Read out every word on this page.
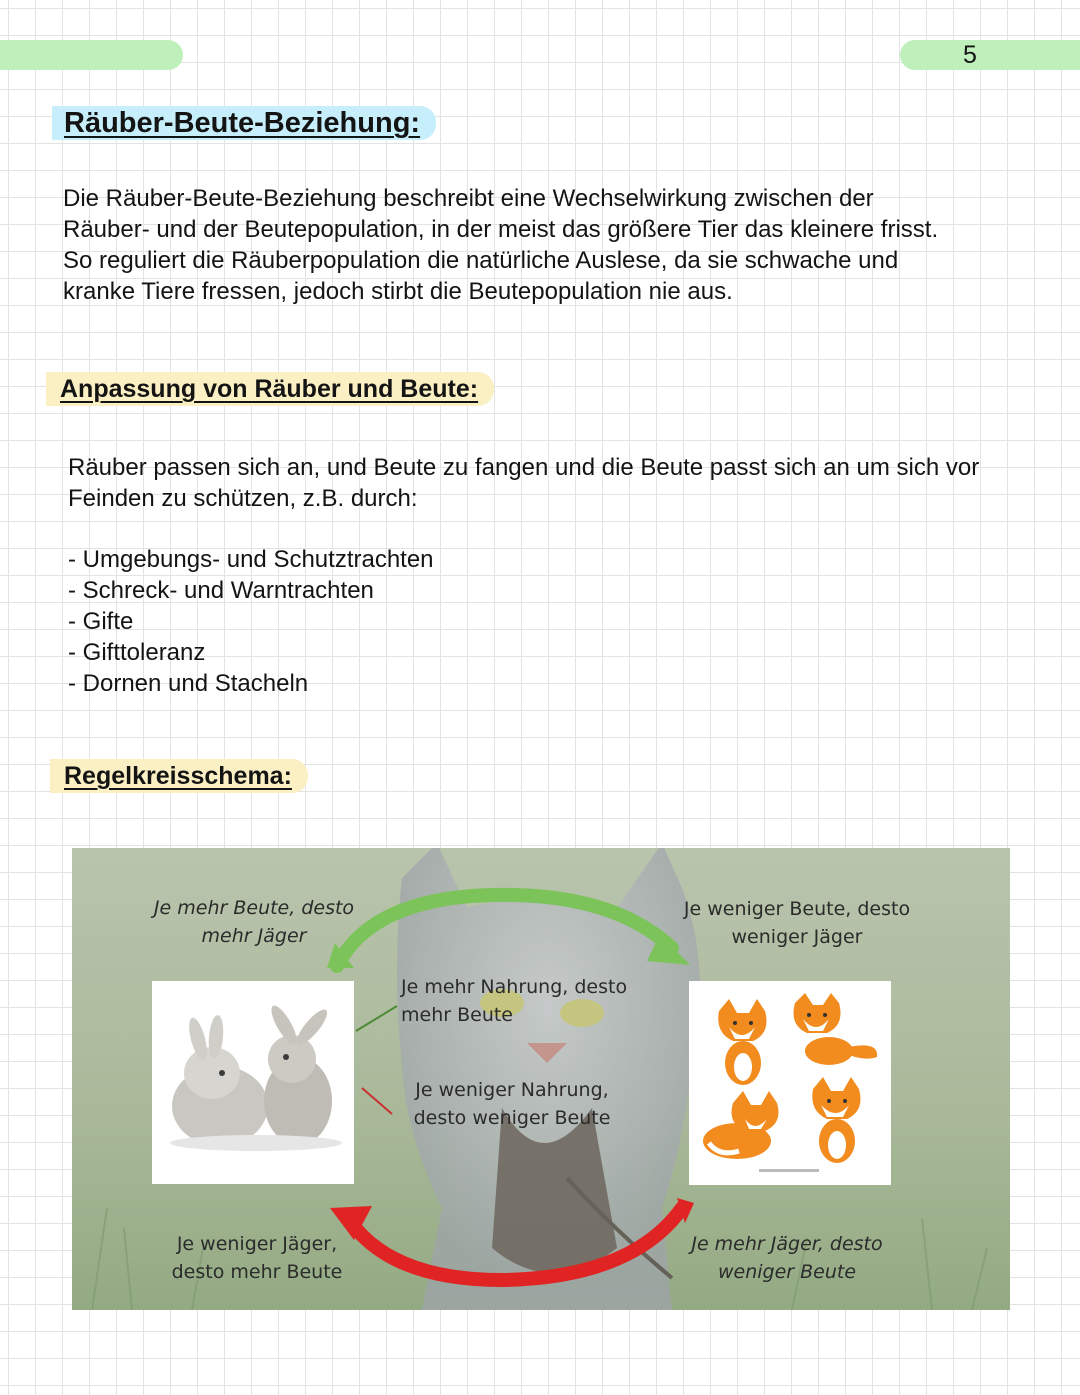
5
Räuber-Beute-Beziehung:

Die Räuber-Beute-Beziehung beschreibt eine Wechselwirkung zwischen der
Räuber- und der Beutepopulation, in der meist das größere Tier das kleinere frisst.
So reguliert die Räuberpopulation die natürliche Auslese, da sie schwache und
kranke Tiere fressen, jedoch stirbt die Beutepopulation nie aus.

Anpassung von Räuber und Beute:

Räuber passen sich an, und Beute zu fangen und die Beute passt sich an um sich vor
Feinden zu schützen, z.B. durch:

- Umgebungs- und Schutztrachten
- Schreck- und Warntrachten
- Gifte
- Gifttoleranz
- Dornen und Stacheln
Regelkreisschema:

Je mehr Beute, desto
mehr Jäger

Je weniger Beute, desto
weniger Jäger

Je mehr Nahrung, desto
mehr Beute

Je weniger Nahrung,
desto weniger Beute

Je weniger Jäger,
desto mehr Beute

Je mehr Jäger, desto
weniger Beute
